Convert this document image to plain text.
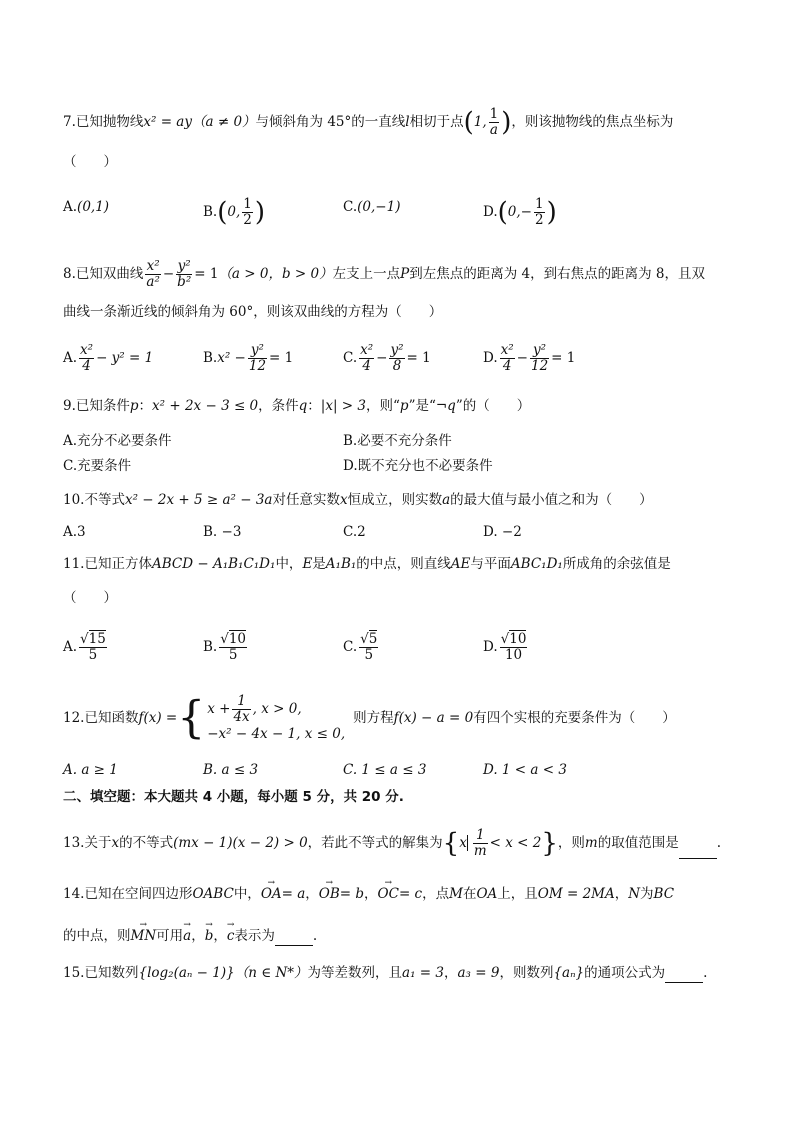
7.已知抛物线x² = ay（a ≠ 0）与倾斜角为 45°的一直线l相切于点(1, $\frac{1}{a}$ )，则该抛物线的焦点坐标为
（　　）
A.(0,1)	B.(0, $\frac{1}{2}$ )	C.(0,−1)	$D.(0,- \frac{1}{2}$ )
8.已知双曲线 $\frac{\text{x²}}{\text{a²}} - \frac{\text{y²}}{\text{b²}} = 1(a > 0$，b > 0）左支上一点P到左焦点的距离为 4，到右焦点的距离为 8，且双
曲线一条渐近线的倾斜角为 60°，则该双曲线的方程为（　　）
A. $\frac{\text{x²}}{4} - y^2 = 1$	$B.x^2 - \frac{\text{y²}}{12} = 1$	C. $\frac{\text{x²}}{4} - \frac{\text{y²}}{8} = 1$	D. $\frac{\text{x²}}{4} - \frac{\text{y²}}{12} = 1$
9.已知条件p：x² + 2x − 3 ≤ 0，条件q：|x| > 3，则“p”是“¬q”的（　　）
A.充分不必要条件	B.必要不充分条件
C.充要条件	D.既不充分也不必要条件
10.不等式x² − 2x + 5 ≥ a² − 3a对任意实数x恒成立，则实数a的最大值与最小值之和为（　　）
A.3	B. −3	C.2	D. −2
11.已知正方体ABCD − A₁B₁C₁D₁中，E是A₁B₁的中点，则直线AE与平面ABC₁D₁所成角的余弦值是
（　　）
A. $\frac{√15}{5}$	B. $\frac{√10}{5}$	C. $\frac{√5}{5}$	D. $\frac{√10}{10}$
12.已知函数f(x) ={ $x + \frac{1}{4x}$ , x > 0,
−x² − 4x − 1, x ≤ 0,则方程f(x) − a = 0有四个实根的充要条件为（　　）
A. a ≥ 1	B. a ≤ 3	C. 1 ≤ a ≤ 3	D. 1 < a < 3
二、填空题：本大题共 4 小题，每小题 5 分，共 20 分.
13.关于x的不等式(mx − 1)(x − 2) > 0，若此不等式的解集为$\{x \frac{1}{m} < x < 2\}$，则m的取值范围是	.
14.已知在空间四边形OABC中，→ OA= a，→ OB= b，→ OC= c，点M在OA上，且OM = 2MA，N为BC
的中点，则→ MN可用→ a，→ b，→ c表示为	.
15.已知数列{log₂(aₙ − 1)}（n ∈ N*）为等差数列，且a₁ = 3，a₃ = 9，则数列{aₙ}的通项公式为	.
